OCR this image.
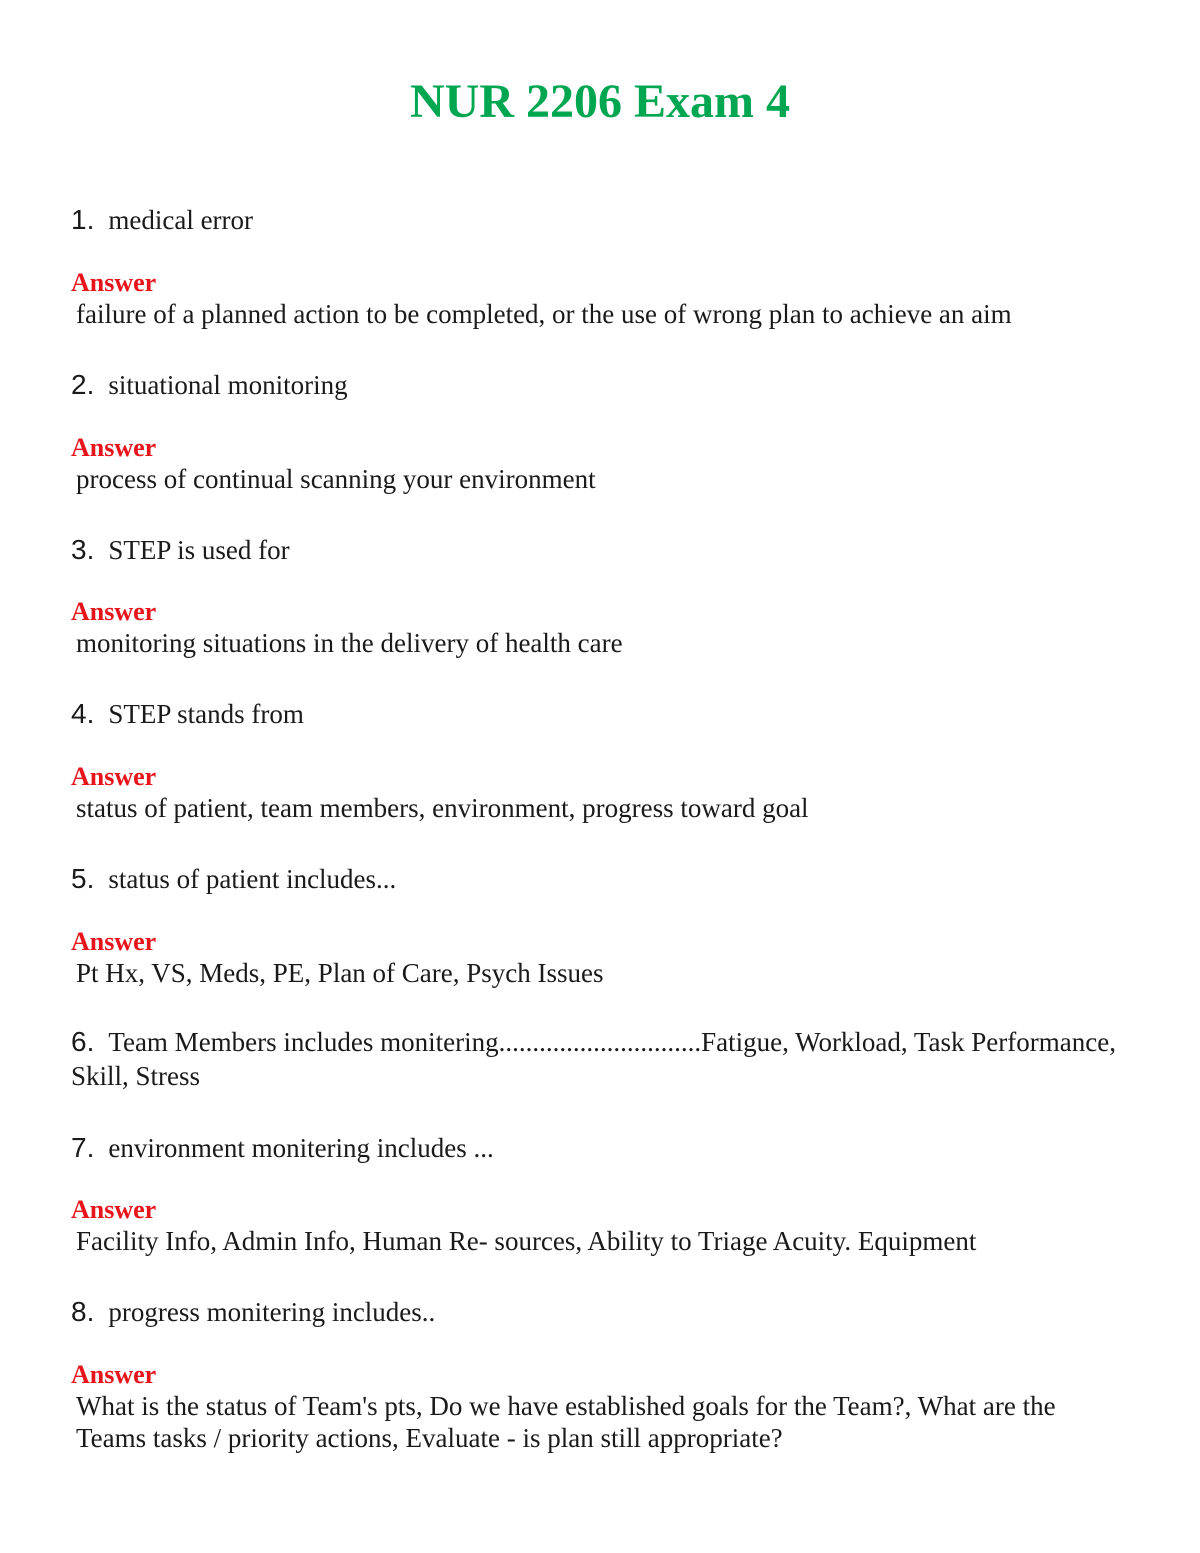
NUR 2206 Exam 4

1. medical error

Answer

failure of a planned action to be completed, or the use of wrong plan to achieve an aim

2. situational monitoring

Answer

process of continual scanning your environment

3. STEP is used for

Answer

monitoring situations in the delivery of health care

4. STEP stands from

Answer

status of patient, team members, environment, progress toward goal

5. status of patient includes...

Answer

Pt Hx, VS, Meds, PE, Plan of Care, Psych Issues

6. Team Members includes monitering..............................Fatigue, Workload, Task Performance, Skill, Stress

7. environment monitering includes ...

Answer

Facility Info, Admin Info, Human Re- sources, Ability to Triage Acuity. Equipment

8. progress monitering includes..

Answer

What is the status of Team's pts, Do we have established goals for the Team?, What are the Teams tasks / priority actions, Evaluate - is plan still appropriate?
